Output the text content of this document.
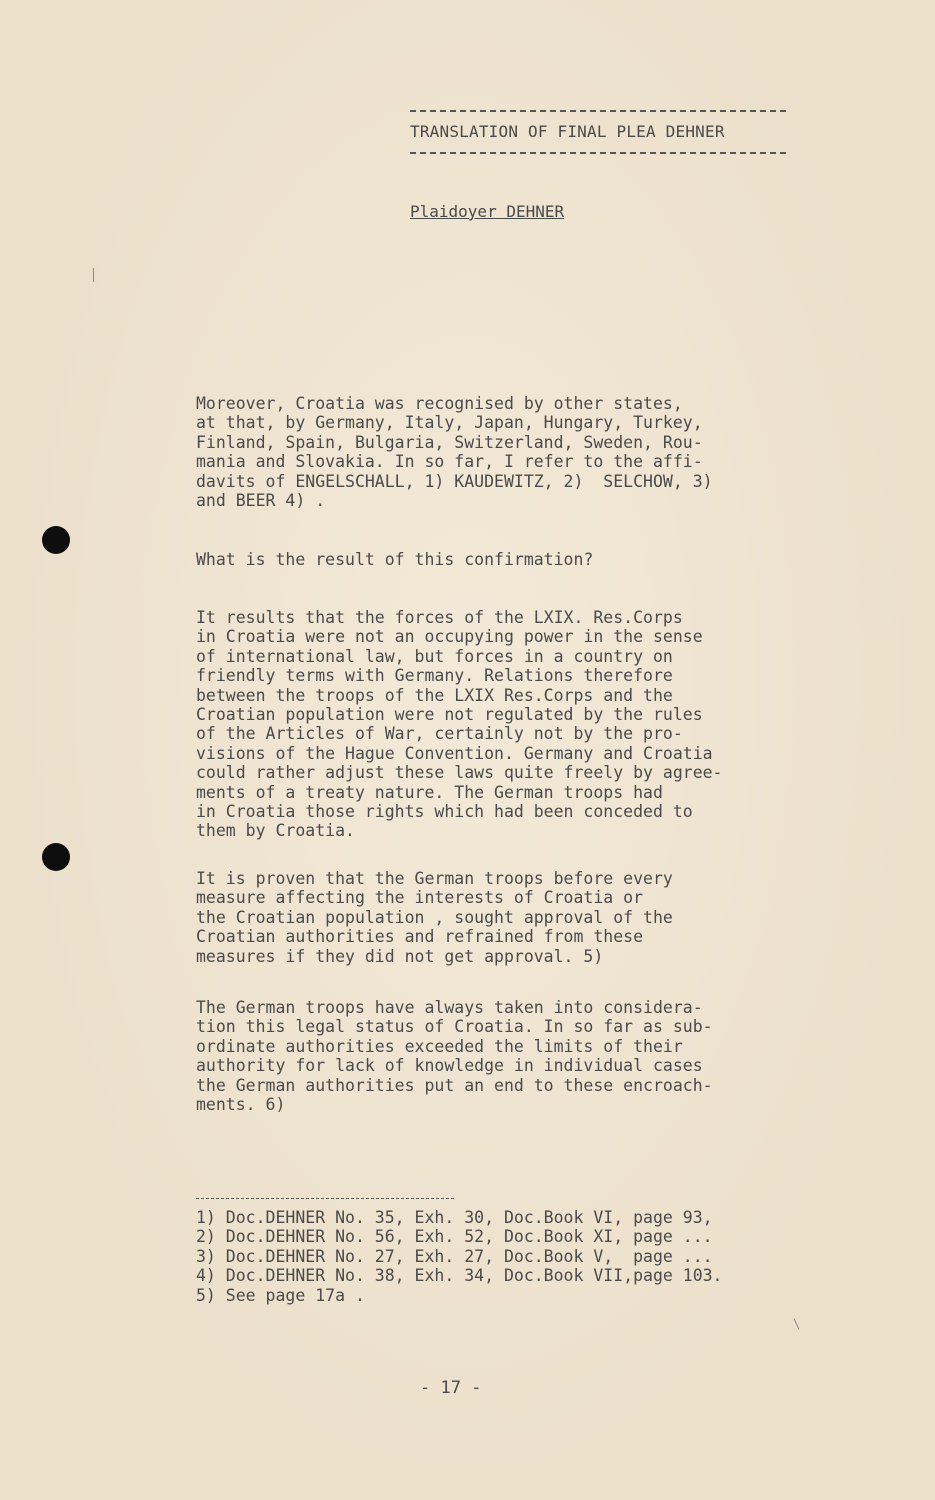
TRANSLATION OF FINAL PLEA DEHNER
Plaidoyer DEHNER
Moreover, Croatia was recognised by other states,
at that, by Germany, Italy, Japan, Hungary, Turkey,
Finland, Spain, Bulgaria, Switzerland, Sweden, Rou-
mania and Slovakia. In so far, I refer to the affi-
davits of ENGELSCHALL, 1) KAUDEWITZ, 2)  SELCHOW, 3)
and BEER 4) .
What is the result of this confirmation?
It results that the forces of the LXIX. Res.Corps
in Croatia were not an occupying power in the sense
of international law, but forces in a country on
friendly terms with Germany. Relations therefore
between the troops of the LXIX Res.Corps and the
Croatian population were not regulated by the rules
of the Articles of War, certainly not by the pro-
visions of the Hague Convention. Germany and Croatia
could rather adjust these laws quite freely by agree-
ments of a treaty nature. The German troops had
in Croatia those rights which had been conceded to
them by Croatia.
It is proven that the German troops before every
measure affecting the interests of Croatia or
the Croatian population , sought approval of the
Croatian authorities and refrained from these
measures if they did not get approval. 5)
The German troops have always taken into considera-
tion this legal status of Croatia. In so far as sub-
ordinate authorities exceeded the limits of their
authority for lack of knowledge in individual cases
the German authorities put an end to these encroach-
ments. 6)
1) Doc.DEHNER No. 35, Exh. 30, Doc.Book VI, page 93,
2) Doc.DEHNER No. 56, Exh. 52, Doc.Book XI, page ...
3) Doc.DEHNER No. 27, Exh. 27, Doc.Book V,  page ...
4) Doc.DEHNER No. 38, Exh. 34, Doc.Book VII,page 103.
5) See page 17a .
- 17 -
